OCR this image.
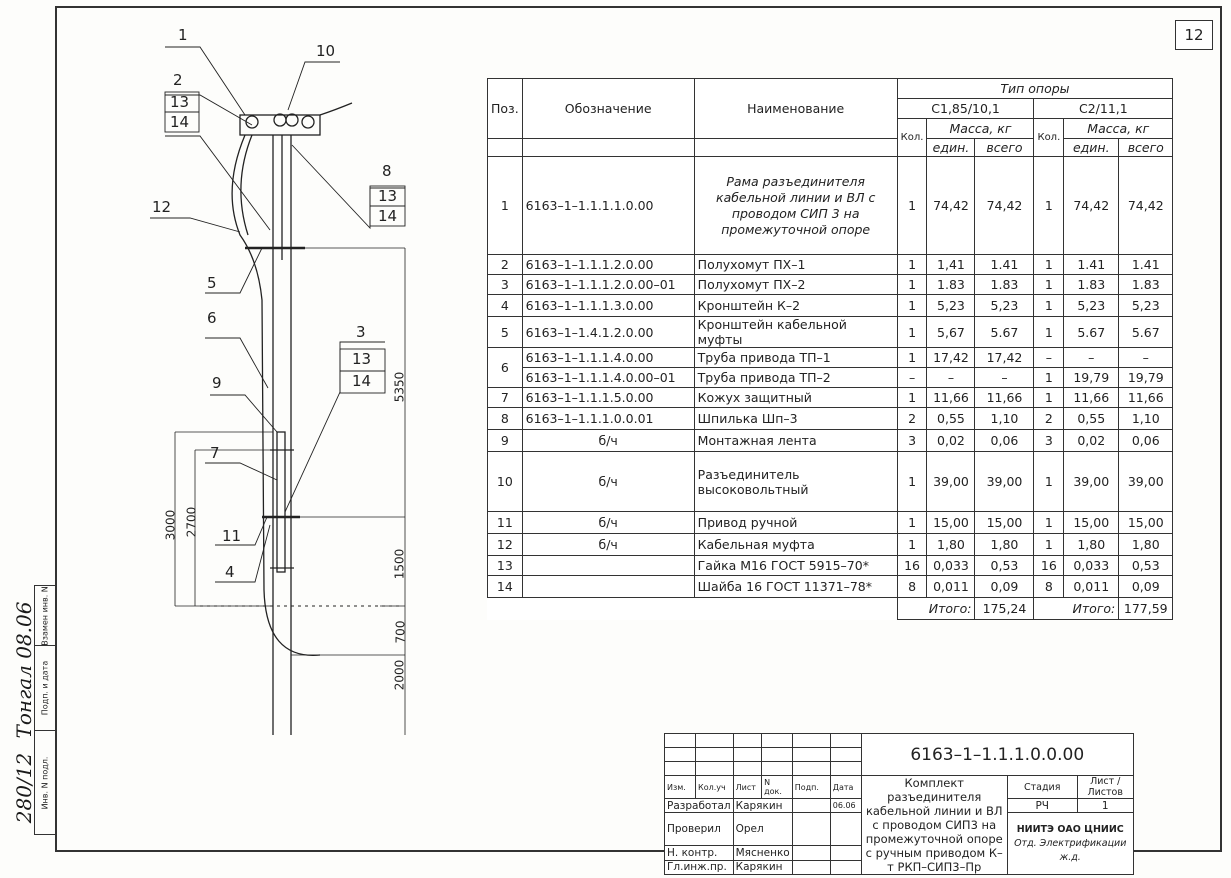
12
Взамен инв. N
Подп. и дата
Инв. N подл.
Тонгал 08.06
280/12
1
2
13
14
10
8
13
14
12
5
6
3
13
14
9
7
11
4
5350
3000 2700
1500
700
2000
Поз.	Обозначение	Наименование	Тип опоры					
			С1,85/10,1			С2/11,1		
			Кол.	Масса, кг		Кол.	Масса, кг	
				един.	всего		един.	всего
1	6163–1–1.1.1.1.0.00	Рама разъединителя кабельной линии и ВЛ с проводом СИП 3 на промежуточной опоре	1	74,42	74,42	1	74,42	74,42
2	6163–1–1.1.1.2.0.00	Полухомут ПХ–1	1	1,41	1.41	1	1.41	1.41
3	6163–1–1.1.1.2.0.00–01	Полухомут ПХ–2	1	1.83	1.83	1	1.83	1.83
4	6163–1–1.1.1.3.0.00	Кронштейн К–2	1	5,23	5,23	1	5,23	5,23
5	6163–1–1.4.1.2.0.00	Кронштейн кабельной муфты	1	5,67	5.67	1	5.67	5.67
6	6163–1–1.1.1.4.0.00	Труба привода ТП–1	1	17,42	17,42	–	–	–
	6163–1–1.1.1.4.0.00–01	Труба привода ТП–2	–	–	–	1	19,79	19,79
7	6163–1–1.1.1.5.0.00	Кожух защитный	1	11,66	11,66	1	11,66	11,66
8	6163–1–1.1.1.0.0.01	Шпилька Шп–3	2	0,55	1,10	2	0,55	1,10
9	б/ч	Монтажная лента	3	0,02	0,06	3	0,02	0,06
10	б/ч	Разъединитель высоковольтный	1	39,00	39,00	1	39,00	39,00
11	б/ч	Привод ручной	1	15,00	15,00	1	15,00	15,00
12	б/ч	Кабельная муфта	1	1,80	1,80	1	1,80	1,80
13		Гайка М16 ГОСТ 5915–70*	16	0,033	0,53	16	0,033	0,53
14		Шайба 16 ГОСТ 11371–78*	8	0,011	0,09	8	0,011	0,09
			Итого:		175,24	Итого:		177,59
						6163–1–1.1.1.0.0.00		

Изм.	Кол.уч	Лист	N док.	Подп.	Дата	Комплект разъединителя кабельной линии и ВЛ с проводом СИП3 на промежуточной опоре с ручным приводом К–т РКП–СИП3–Пр	Стадия	Лист / Листов
Разработал		Карякин			06.06		РЧ	1
Проверил		Орел					НИИТЭ ОАО ЦНИИС
Отд. Электрификации ж.д.	

Н. контр.		Мясненко						
Гл.инж.пр.		Карякин						
